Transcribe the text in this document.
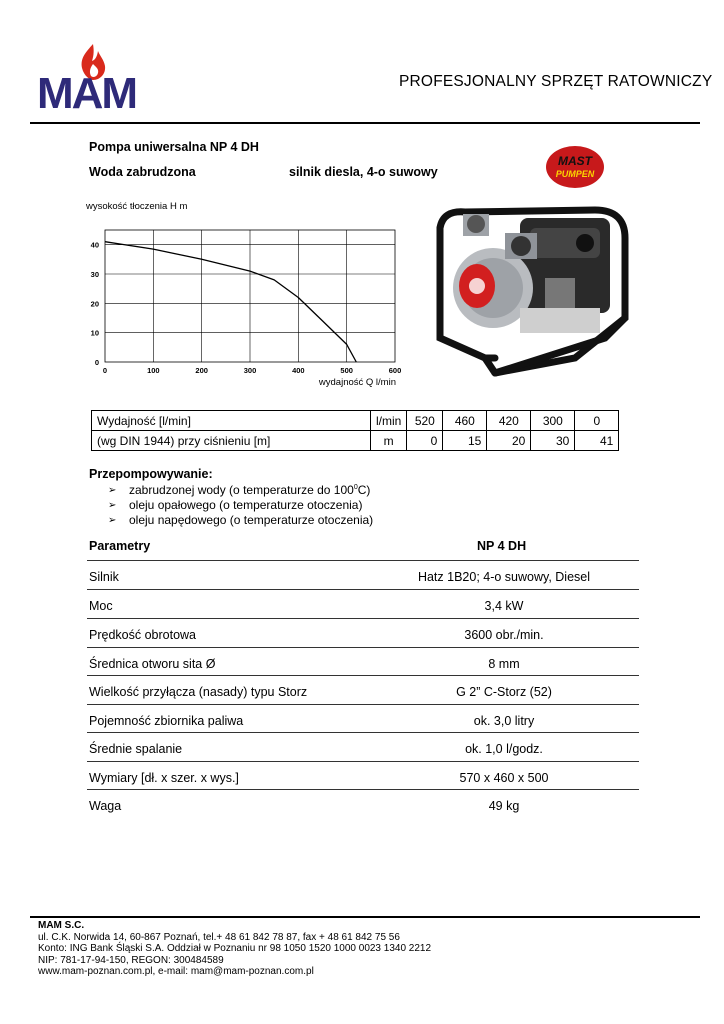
MAM	PROFESJONALNY SPRZĘT RATOWNICZY
Pompa uniwersalna NP 4 DH
Woda zabrudzona	silnik diesla, 4-o suwowy
MAST
PUMPEN
wysokość tłoczenia H m
wydajność Q l/min
0	100	200	300	400	500	600
0
10
20
30
40
Wydajność [l/min]	l/min	520	460	420	300	0
(wg DIN 1944) przy ciśnieniu [m]	m	0	15	20	30	41
Przepompowywanie:
➢ zabrudzonej wody (o temperaturze do $100^0C$)
➢ oleju opałowego (o temperaturze otoczenia)
➢ oleju napędowego (o temperaturze otoczenia)
Parametry	NP 4 DH
Silnik	Hatz 1B20; 4-o suwowy, Diesel
Moc	3,4 kW
Prędkość obrotowa	3600 obr./min.
Średnica otworu sita Ø	8 mm
Wielkość przyłącza (nasady) typu Storz	G 2” C-Storz (52)
Pojemność zbiornika paliwa	ok. 3,0 litry
Średnie spalanie	ok. 1,0 l/godz.
Wymiary [dł. x szer. x wys.]	570 x 460 x 500
Waga	49 kg
MAM S.C.
ul. C.K. Norwida 14, 60-867 Poznań, tel.+ 48 61 842 78 87, fax + 48 61 842 75 56
Konto: ING Bank Śląski S.A. Oddział w Poznaniu nr 98 1050 1520 1000 0023 1340 2212
NIP: 781-17-94-150, REGON: 300484589
www.mam-poznan.com.pl, e-mail: mam@mam-poznan.com.pl
